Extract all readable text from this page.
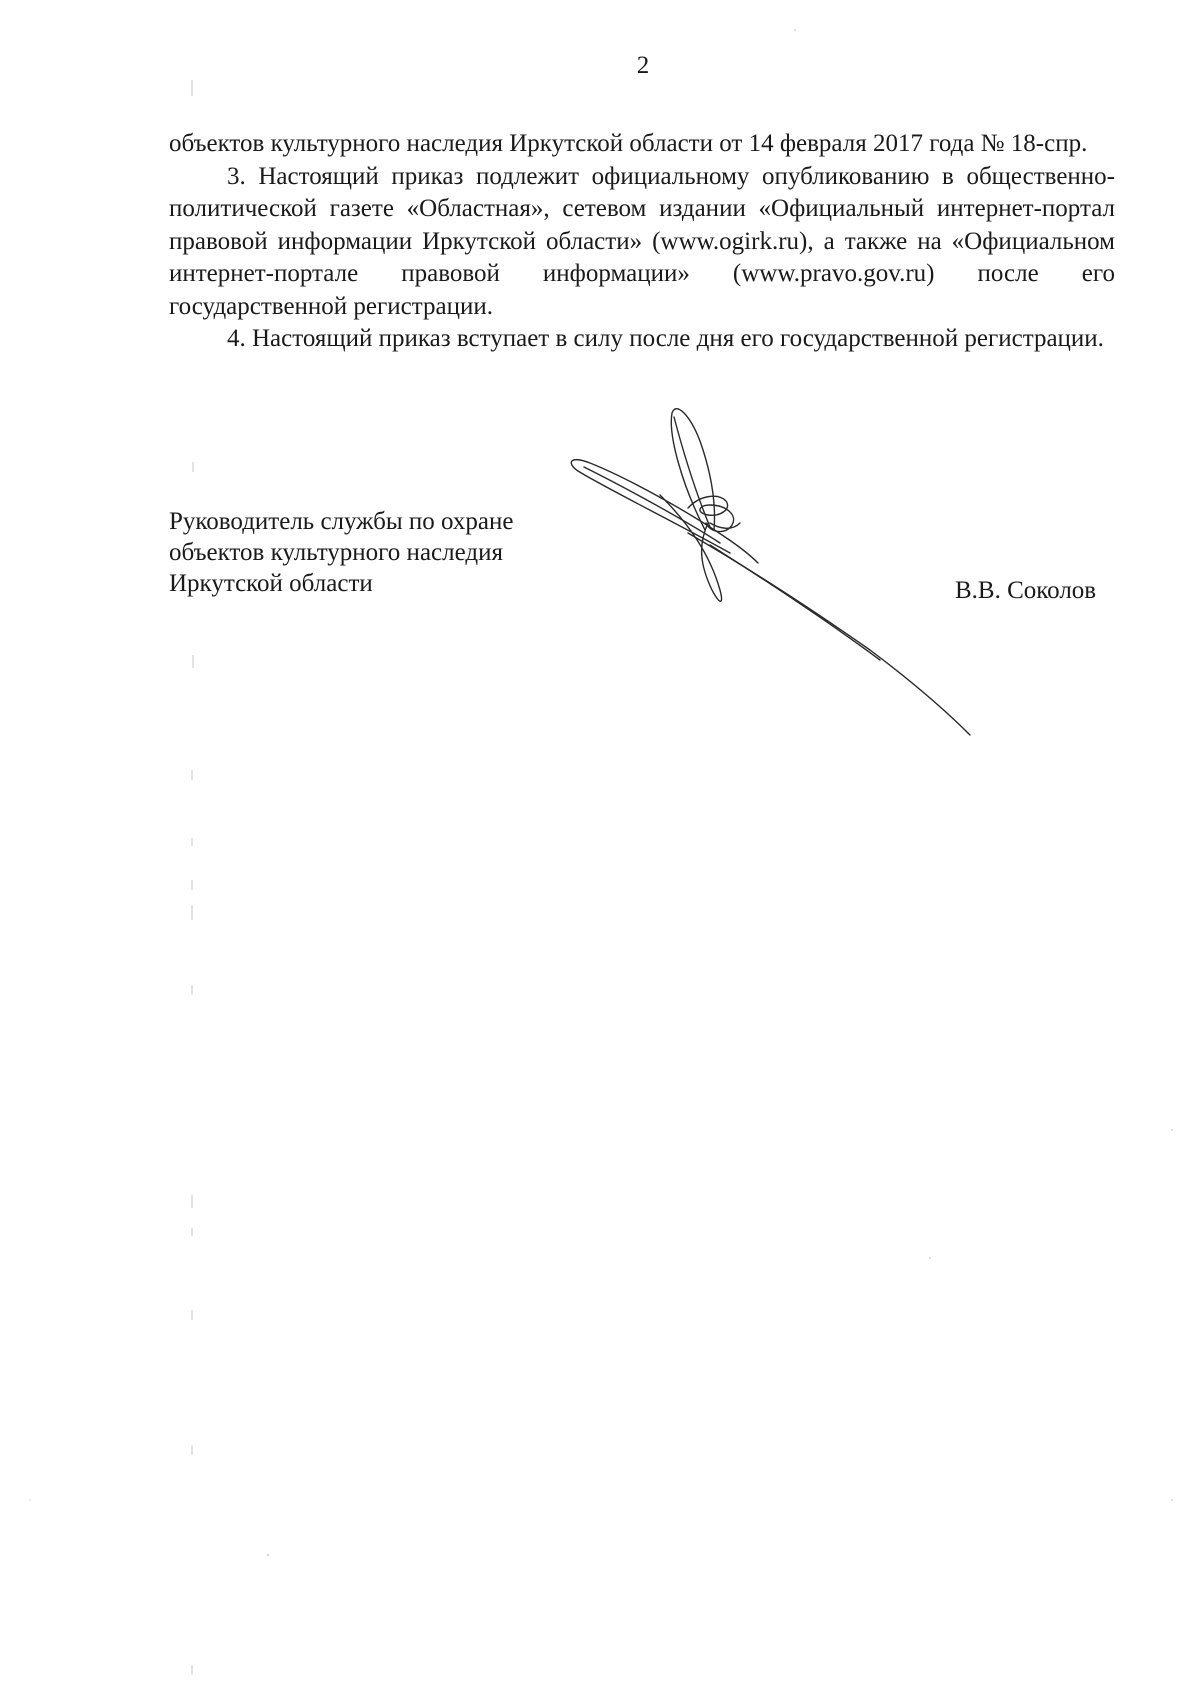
2

объектов культурного наследия Иркутской области от 14 февраля 2017 года № 18-спр.

3. Настоящий приказ подлежит официальному опубликованию в общественно-политической газете «Областная», сетевом издании «Официальный интернет-портал правовой информации Иркутской области» (www.ogirk.ru), а также на «Официальном интернет-портале правовой информации» (www.pravo.gov.ru) после его государственной регистрации.

4. Настоящий приказ вступает в силу после дня его государственной регистрации.

Руководитель службы по охране
объектов культурного наследия
Иркутской области	В.В. Соколов
